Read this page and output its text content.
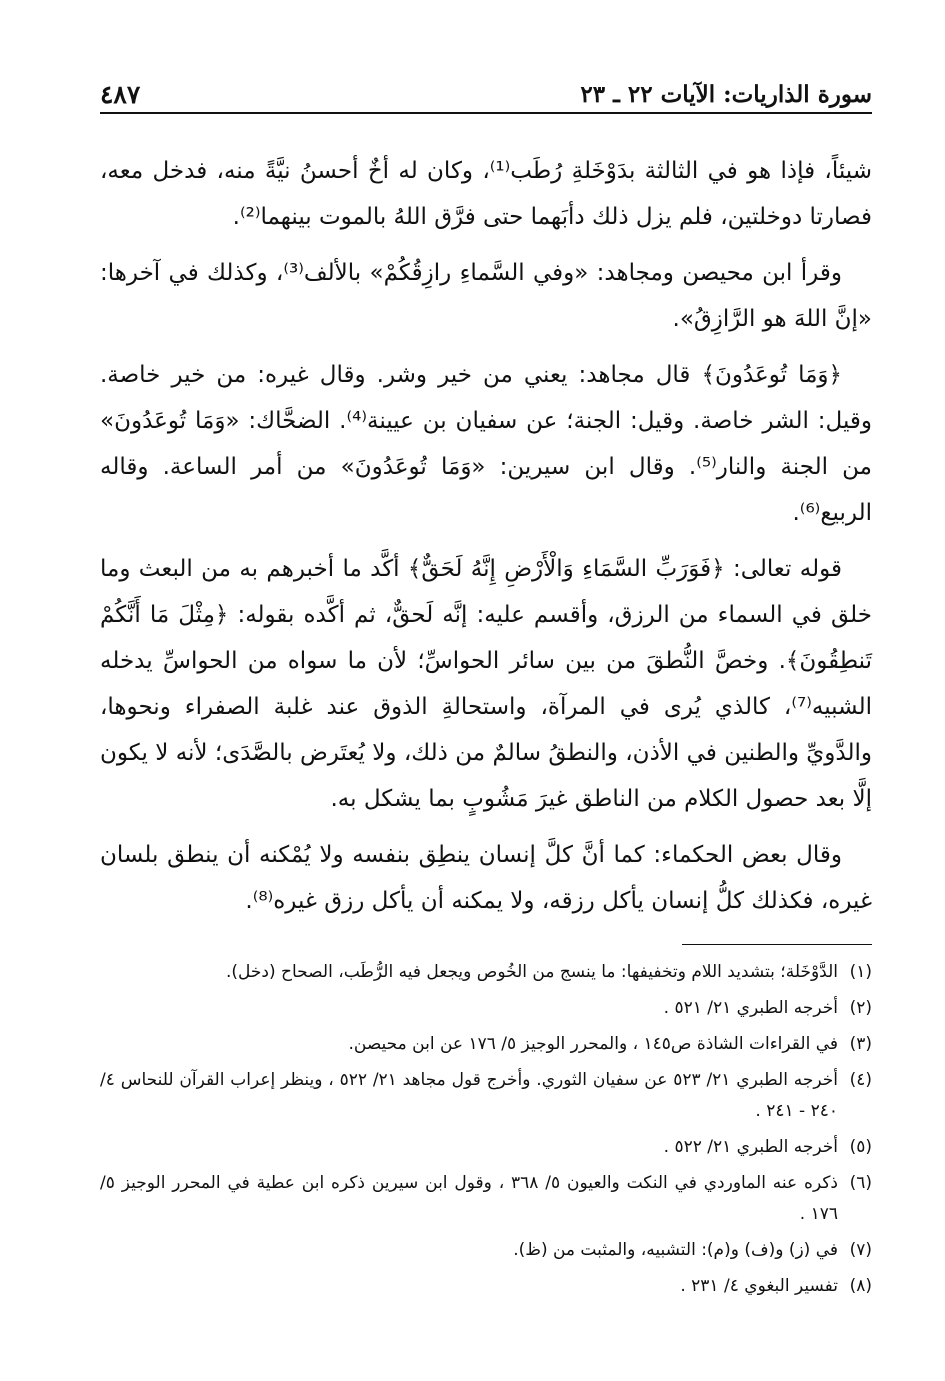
سورة الذاريات: الآيات ٢٢ ـ ٢٣
٤٨٧

شيئاً، فإذا هو في الثالثة بدَوْخَلةِ رُطَب⁽¹⁾، وكان له أخٌ أحسنُ نيَّةً منه، فدخل معه، فصارتا دوخلتين، فلم يزل ذلك دأبَهما حتى فرَّق اللهُ بالموت بينهما⁽²⁾.

وقرأ ابن محيصن ومجاهد: «وفي السَّماءِ رازِقُكُمْ» بالألف⁽³⁾، وكذلك في آخرها: «إنَّ اللهَ هو الرَّازِقُ».

﴿وَمَا تُوعَدُونَ﴾ قال مجاهد: يعني من خير وشر. وقال غيره: من خير خاصة. وقيل: الشر خاصة. وقيل: الجنة؛ عن سفيان بن عيينة⁽⁴⁾. الضحَّاك: «وَمَا تُوعَدُونَ» من الجنة والنار⁽⁵⁾. وقال ابن سيرين: «وَمَا تُوعَدُونَ» من أمر الساعة. وقاله الربيع⁽⁶⁾.

قوله تعالى: ﴿فَوَرَبِّ السَّمَاءِ وَالْأَرْضِ إِنَّهُ لَحَقٌّ﴾ أكَّد ما أخبرهم به من البعث وما خلق في السماء من الرزق، وأقسم عليه: إنَّه لَحقٌّ، ثم أكَّده بقوله: ﴿مِثْلَ مَا أَنَّكُمْ تَنطِقُونَ﴾. وخصَّ النُّطقَ من بين سائر الحواسِّ؛ لأن ما سواه من الحواسِّ يدخله الشبيه⁽⁷⁾، كالذي يُرى في المرآة، واستحالةِ الذوق عند غلبة الصفراء ونحوها، والدَّويِّ والطنين في الأذن، والنطقُ سالمٌ من ذلك، ولا يُعتَرض بالصَّدَى؛ لأنه لا يكون إلَّا بعد حصول الكلام من الناطق غيرَ مَشُوبٍ بما يشكل به.

وقال بعض الحكماء: كما أنَّ كلَّ إنسان ينطِق بنفسه ولا يُمْكنه أن ينطق بلسان غيره، فكذلك كلُّ إنسان يأكل رزقه، ولا يمكنه أن يأكل رزق غيره⁽⁸⁾.

(١)
الدَّوْخَلة؛ بتشديد اللام وتخفيفها: ما ينسج من الخُوص ويجعل فيه الرُّطَب، الصحاح (دخل).
(٢)
أخرجه الطبري ٢١/ ٥٢١ .
(٣)
في القراءات الشاذة ص١٤٥ ، والمحرر الوجيز ٥/ ١٧٦ عن ابن محيصن.
(٤)
أخرجه الطبري ٢١/ ٥٢٣ عن سفيان الثوري. وأخرج قول مجاهد ٢١/ ٥٢٢ ، وينظر إعراب القرآن للنحاس ٤/ ٢٤٠ - ٢٤١ .
(٥)
أخرجه الطبري ٢١/ ٥٢٢ .
(٦)
ذكره عنه الماوردي في النكت والعيون ٥/ ٣٦٨ ، وقول ابن سيرين ذكره ابن عطية في المحرر الوجيز ٥/ ١٧٦ .
(٧)
في (ز) و(ف) و(م): التشبيه، والمثبت من (ظ).
(٨)
تفسير البغوي ٤/ ٢٣١ .
